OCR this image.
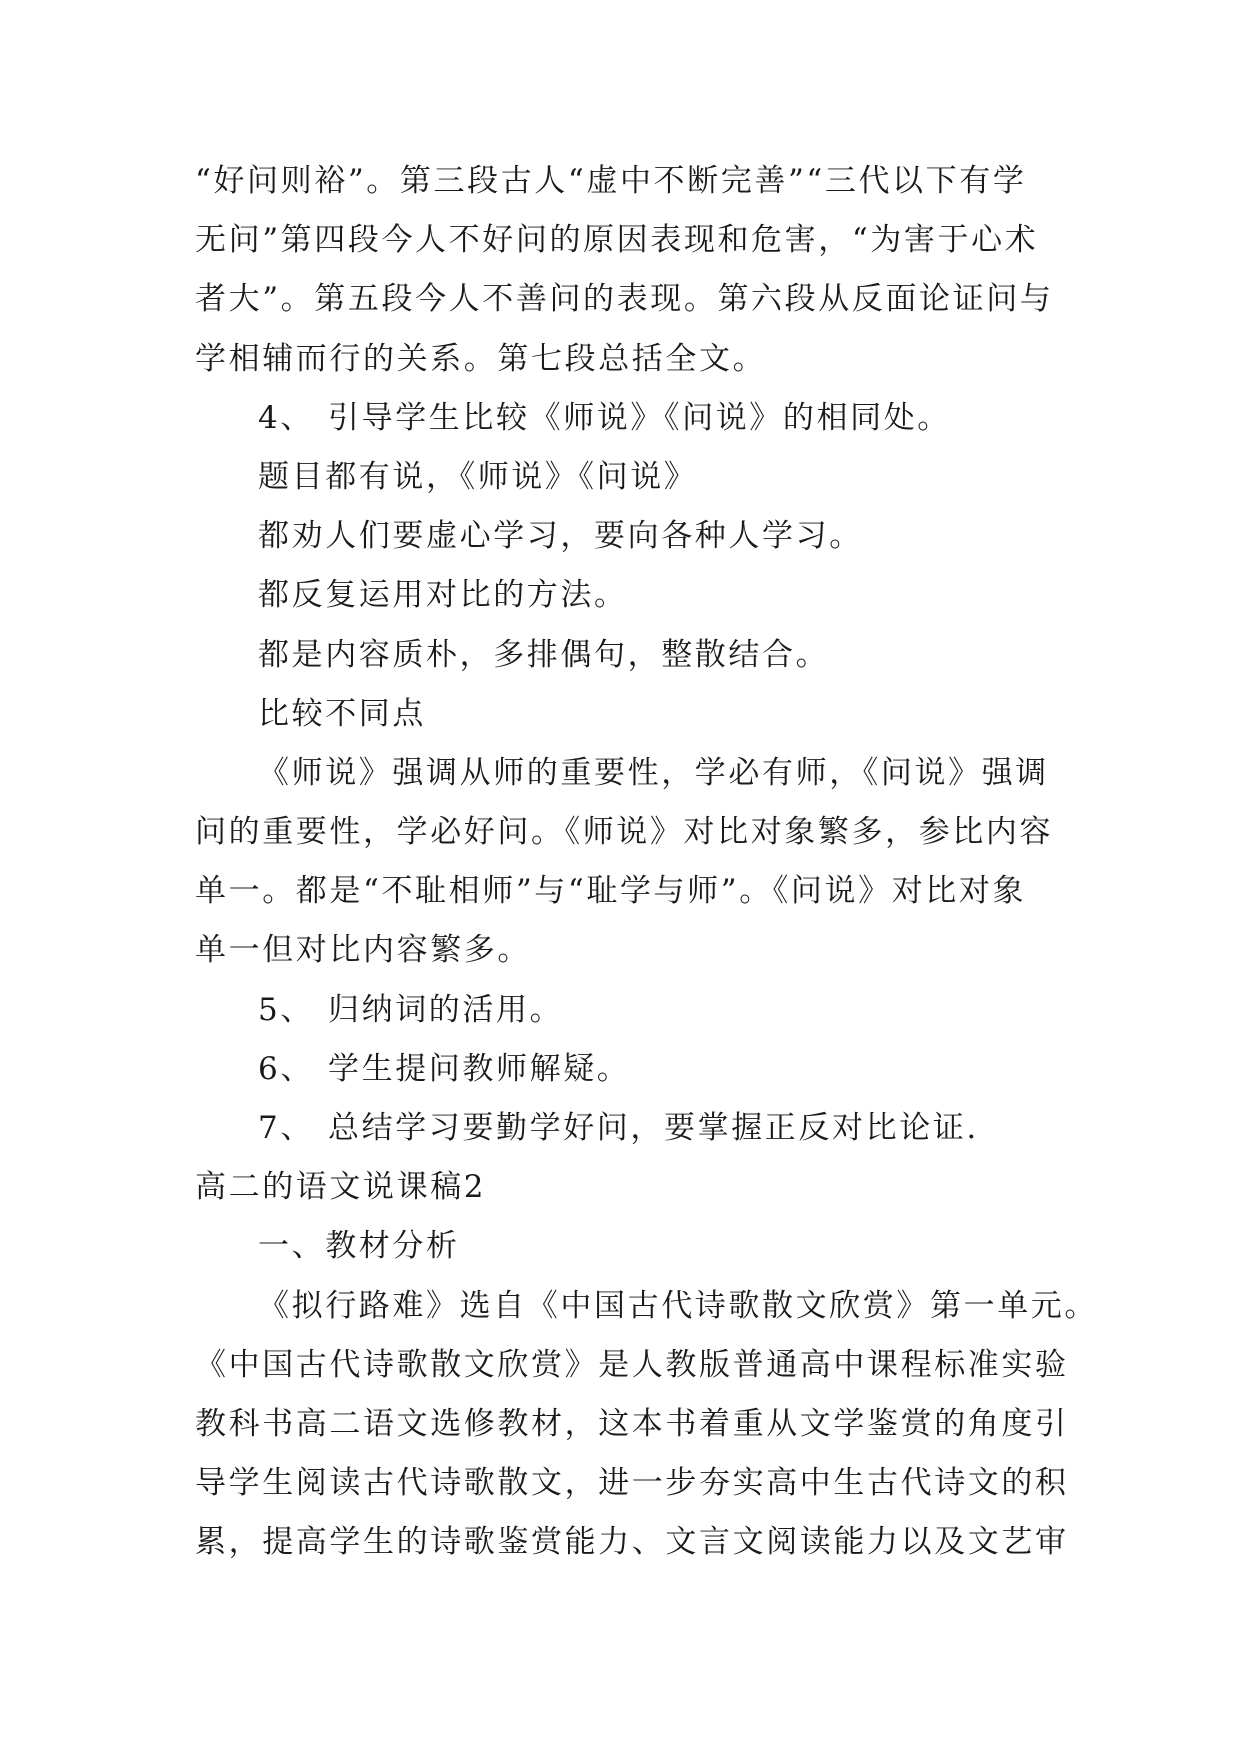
“好问则裕”。第三段古人“虚中不断完善”“三代以下有学
无问”第四段今人不好问的原因表现和危害，“为害于心术
者大”。第五段今人不善问的表现。第六段从反面论证问与
学相辅而行的关系。第七段总括全文。
4、 引导学生比较《师说》《问说》的相同处。
题目都有说，《师说》《问说》
都劝人们要虚心学习，要向各种人学习。
都反复运用对比的方法。
都是内容质朴，多排偶句，整散结合。
比较不同点
《师说》强调从师的重要性，学必有师，《问说》强调
问的重要性，学必好问。《师说》对比对象繁多，参比内容
单一。都是“不耻相师”与“耻学与师”。《问说》对比对象
单一但对比内容繁多。
5、 归纳词的活用。
6、 学生提问教师解疑。
7、 总结学习要勤学好问，要掌握正反对比论证.
高二的语文说课稿2
一、教材分析
《拟行路难》选自《中国古代诗歌散文欣赏》第一单元。
《中国古代诗歌散文欣赏》是人教版普通高中课程标准实验
教科书高二语文选修教材，这本书着重从文学鉴赏的角度引
导学生阅读古代诗歌散文，进一步夯实高中生古代诗文的积
累，提高学生的诗歌鉴赏能力、文言文阅读能力以及文艺审
